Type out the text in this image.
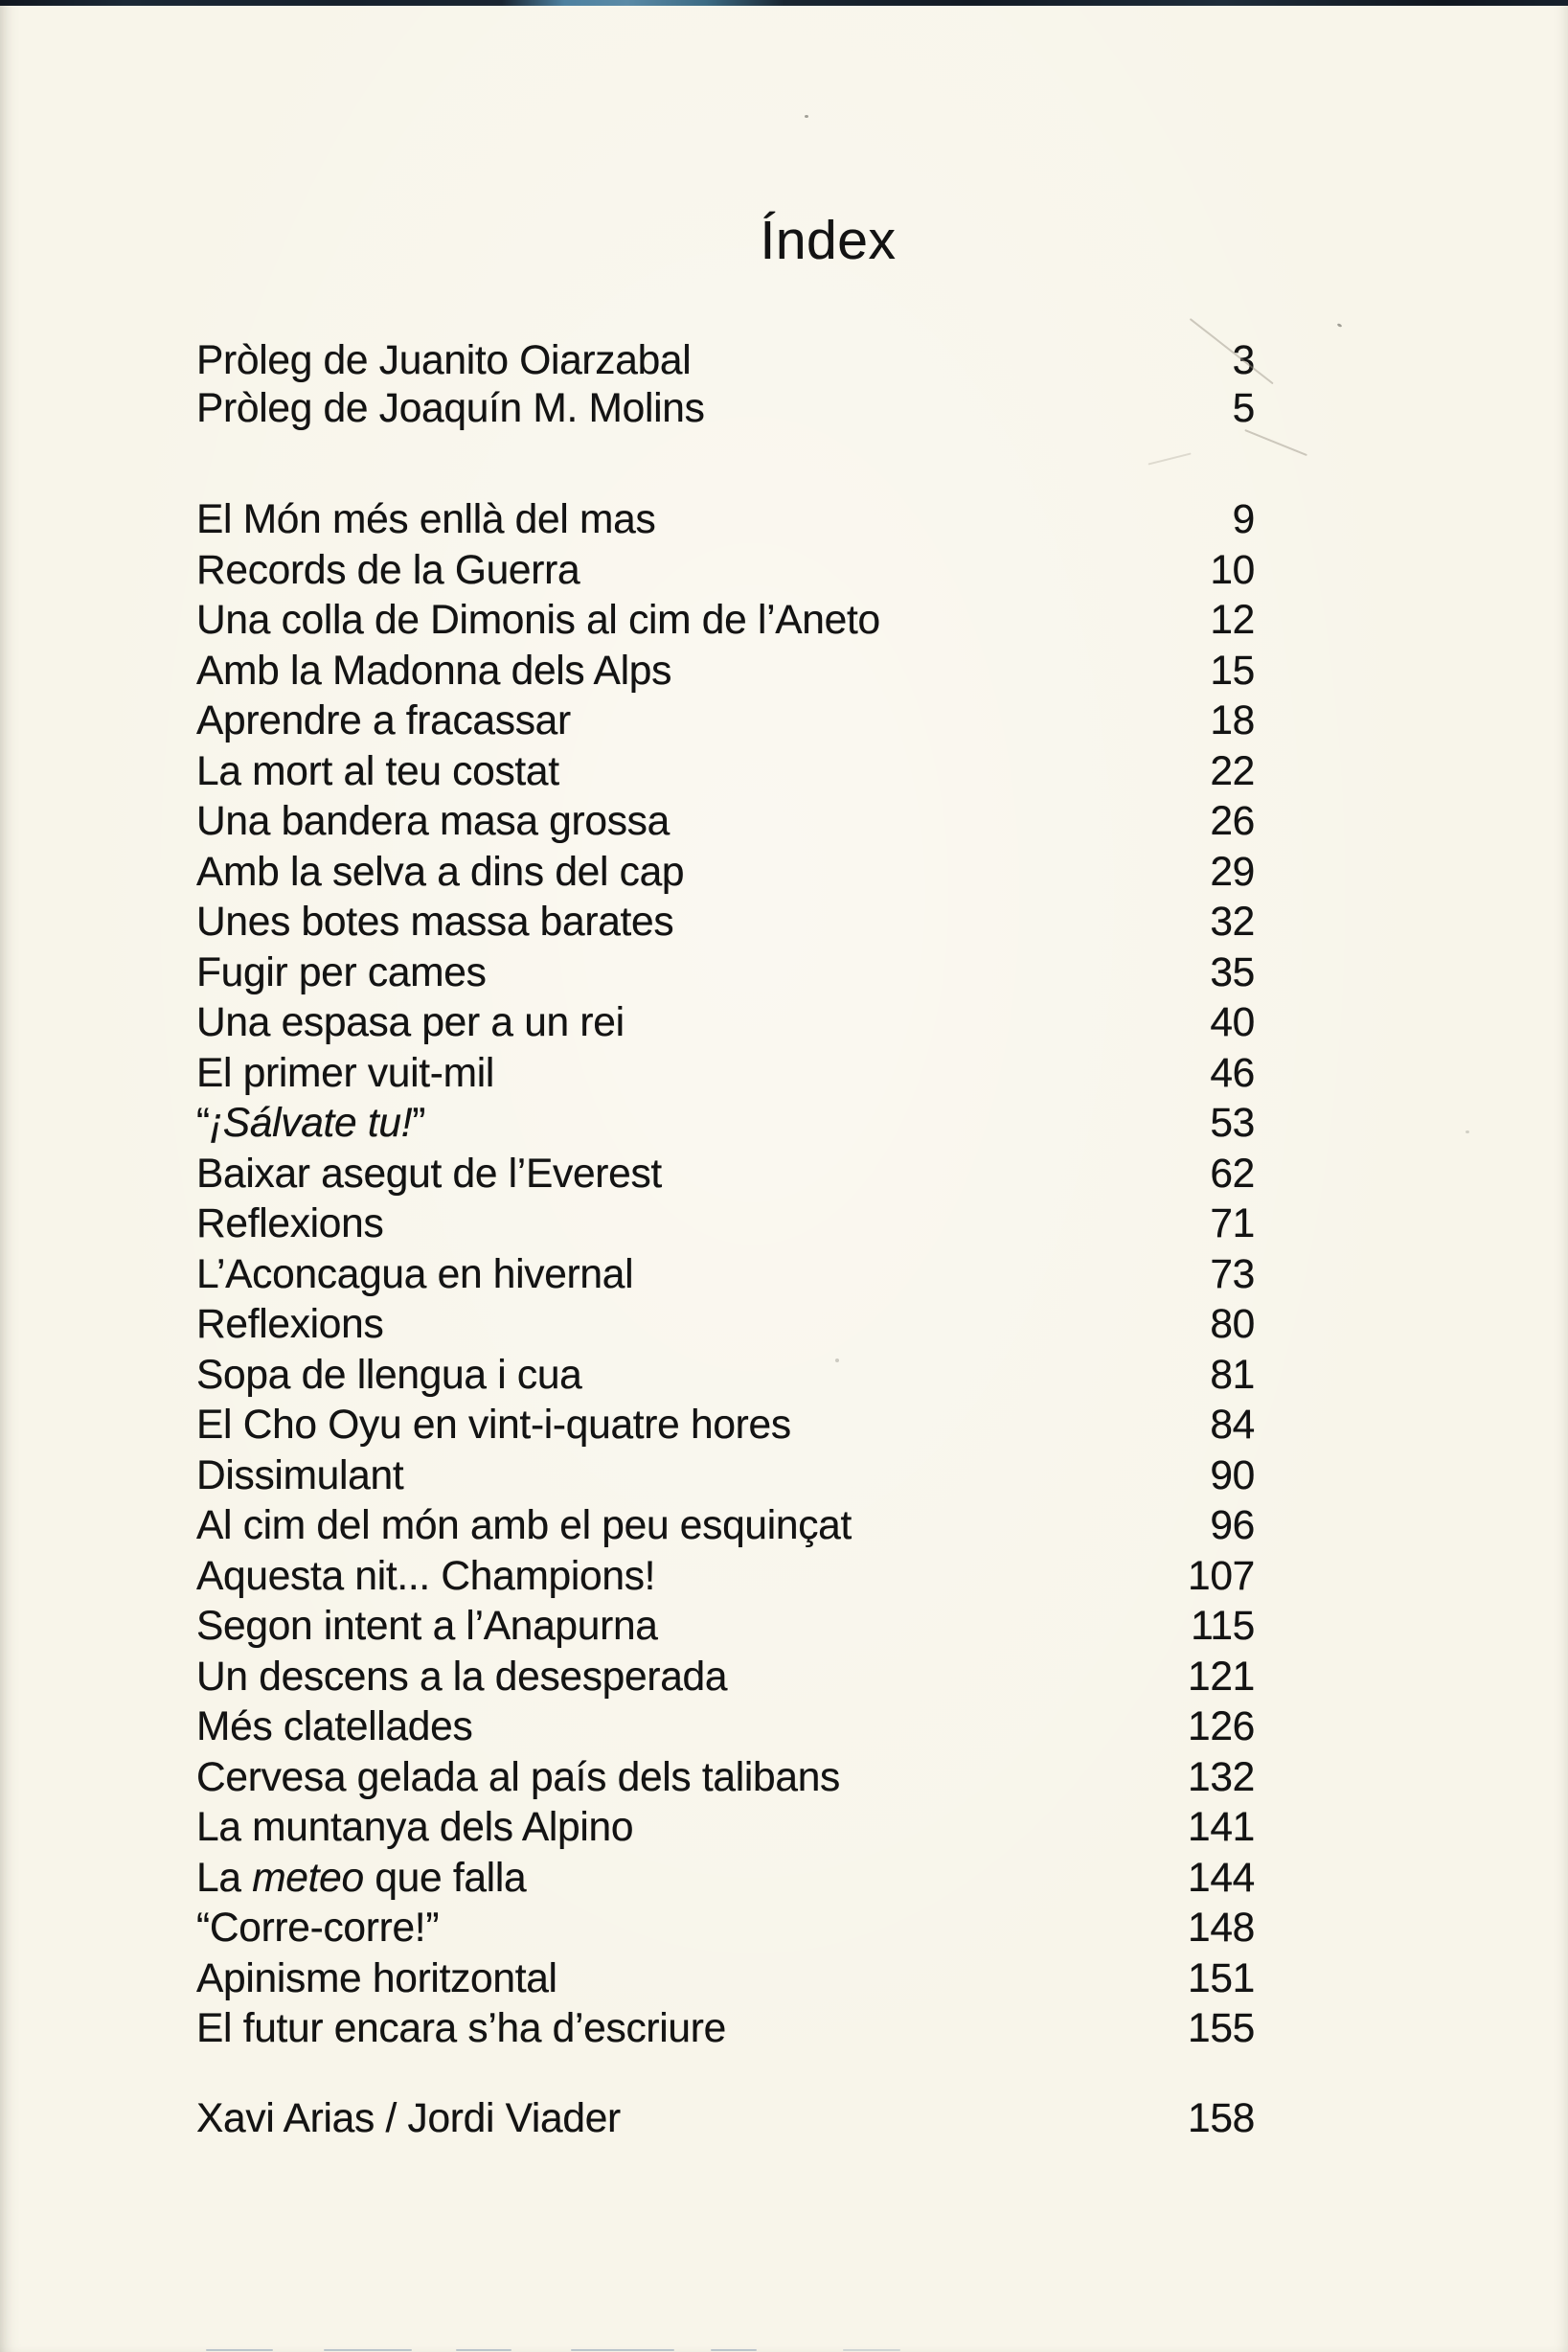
Índex
Pròleg de Juanito Oiarzabal	3
Pròleg de Joaquín M. Molins	5
El Món més enllà del mas	9
Records de la Guerra	10
Una colla de Dimonis al cim de l’Aneto	12
Amb la Madonna dels Alps	15
Aprendre a fracassar	18
La mort al teu costat	22
Una bandera masa grossa	26
Amb la selva a dins del cap	29
Unes botes massa barates	32
Fugir per cames	35
Una espasa per a un rei	40
El primer vuit-mil	46
“¡Sálvate tu!”	53
Baixar asegut de l’Everest	62
Reflexions	71
L’Aconcagua en hivernal	73
Reflexions	80
Sopa de llengua i cua	81
El Cho Oyu en vint-i-quatre hores	84
Dissimulant	90
Al cim del món amb el peu esquinçat	96
Aquesta nit... Champions!	107
Segon intent a l’Anapurna	115
Un descens a la desesperada	121
Més clatellades	126
Cervesa gelada al país dels talibans	132
La muntanya dels Alpino	141
La meteo que falla	144
“Corre-corre!”	148
Apinisme horitzontal	151
El futur encara s’ha d’escriure	155
Xavi Arias / Jordi Viader	158
